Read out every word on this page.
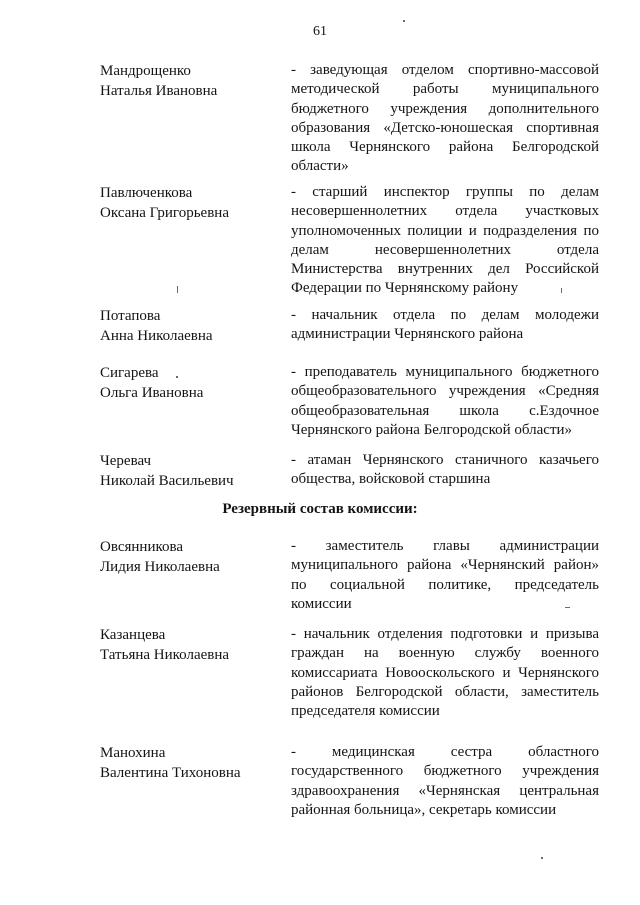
61
Мандрощенко
Наталья Ивановна
- заведующая отделом спортивно-массовой методической работы муниципального бюджетного учреждения дополнительного образования «Детско-юношеская спортивная школа Чернянского района Белгородской области»
Павлюченкова
Оксана Григорьевна
- старший инспектор группы по делам несовершеннолетних отдела участковых уполномоченных полиции и подразделения по делам несовершеннолетних отдела Министерства внутренних дел Российской Федерации по Чернянскому району
Потапова
Анна Николаевна
- начальник отдела по делам молодежи администрации Чернянского района
Сигарева
Ольга Ивановна
- преподаватель муниципального бюджетного общеобразовательного учреждения «Средняя общеобразовательная школа с.Ездочное Чернянского района Белгородской области»
Черевач
Николай Васильевич
- атаман Чернянского станичного казачьего общества, войсковой старшина
Резервный состав комиссии:
Овсянникова
Лидия Николаевна
- заместитель главы администрации муниципального района «Чернянский район» по социальной политике, председатель комиссии
Казанцева
Татьяна Николаевна
- начальник отделения подготовки и призыва граждан на военную службу военного комиссариата Новооскольского и Чернянского районов Белгородской области, заместитель председателя комиссии
Манохина
Валентина Тихоновна
- медицинская сестра областного государственного бюджетного учреждения здравоохранения «Чернянская центральная районная больница», секретарь комиссии
